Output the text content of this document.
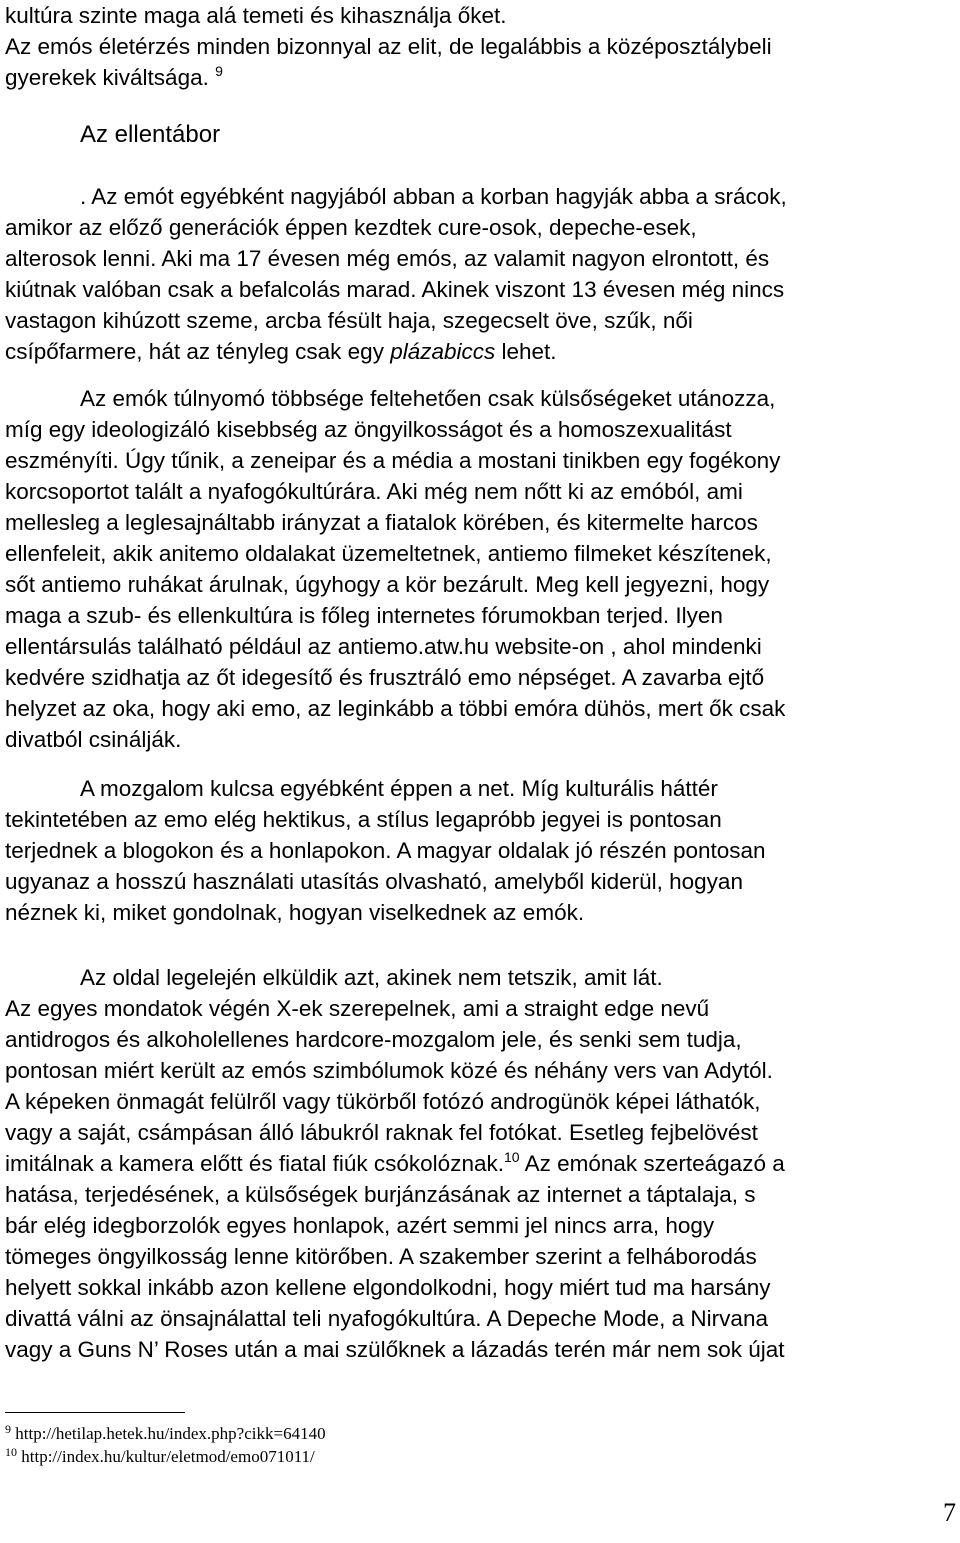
kultúra szinte maga alá temeti és kihasználja őket.
Az emós életérzés minden bizonnyal az elit, de legalábbis a középosztálybeli
gyerekek kiváltsága. $^9$
Az ellentábor
. Az emót egyébként nagyjából abban a korban hagyják abba a srácok,
amikor az előző generációk éppen kezdtek cure-osok, depeche-esek,
alterosok lenni. Aki ma 17 évesen még emós, az valamit nagyon elrontott, és
kiútnak valóban csak a befalcolás marad. Akinek viszont 13 évesen még nincs
vastagon kihúzott szeme, arcba fésült haja, szegecselt öve, szűk, női
csípőfarmere, hát az tényleg csak egy plázabiccs lehet.
Az emók túlnyomó többsége feltehetően csak külsőségeket utánozza,
míg egy ideologizáló kisebbség az öngyilkosságot és a homoszexualitást
eszményíti. Úgy tűnik, a zeneipar és a média a mostani tinikben egy fogékony
korcsoportot talált a nyafogókultúrára. Aki még nem nőtt ki az emóból, ami
mellesleg a leglesajnáltabb irányzat a fiatalok körében, és kitermelte harcos
ellenfeleit, akik anitemo oldalakat üzemeltetnek, antiemo filmeket készítenek,
sőt antiemo ruhákat árulnak, úgyhogy a kör bezárult. Meg kell jegyezni, hogy
maga a szub- és ellenkultúra is főleg internetes fórumokban terjed. Ilyen
ellentársulás található például az antiemo.atw.hu website-on , ahol mindenki
kedvére szidhatja az őt idegesítő és frusztráló emo népséget. A zavarba ejtő
helyzet az oka, hogy aki emo, az leginkább a többi emóra dühös, mert ők csak
divatból csinálják.
A mozgalom kulcsa egyébként éppen a net. Míg kulturális háttér
tekintetében az emo elég hektikus, a stílus legapróbb jegyei is pontosan
terjednek a blogokon és a honlapokon. A magyar oldalak jó részén pontosan
ugyanaz a hosszú használati utasítás olvasható, amelyből kiderül, hogyan
néznek ki, miket gondolnak, hogyan viselkednek az emók.
Az oldal legelején elküldik azt, akinek nem tetszik, amit lát.
Az egyes mondatok végén X-ek szerepelnek, ami a straight edge nevű
antidrogos és alkoholellenes hardcore-mozgalom jele, és senki sem tudja,
pontosan miért került az emós szimbólumok közé és néhány vers van Adytól.
A képeken önmagát felülről vagy tükörből fotózó androgünök képei láthatók,
vagy a saját, csámpásan álló lábukról raknak fel fotókat. Esetleg fejbelövést
imitálnak a kamera előtt és fiatal fiúk csókolóznak.$^{10}$ Az emónak szerteágazó a
hatása, terjedésének, a külsőségek burjánzásának az internet a táptalaja, s
bár elég idegborzolók egyes honlapok, azért semmi jel nincs arra, hogy
tömeges öngyilkosság lenne kitörőben. A szakember szerint a felháborodás
helyett sokkal inkább azon kellene elgondolkodni, hogy miért tud ma harsány
divattá válni az önsajnálattal teli nyafogókultúra. A Depeche Mode, a Nirvana
vagy a Guns N’ Roses után a mai szülőknek a lázadás terén már nem sok újat
$^9$ http://hetilap.hetek.hu/index.php?cikk=64140
$^{10}$ http://index.hu/kultur/eletmod/emo071011/
7
